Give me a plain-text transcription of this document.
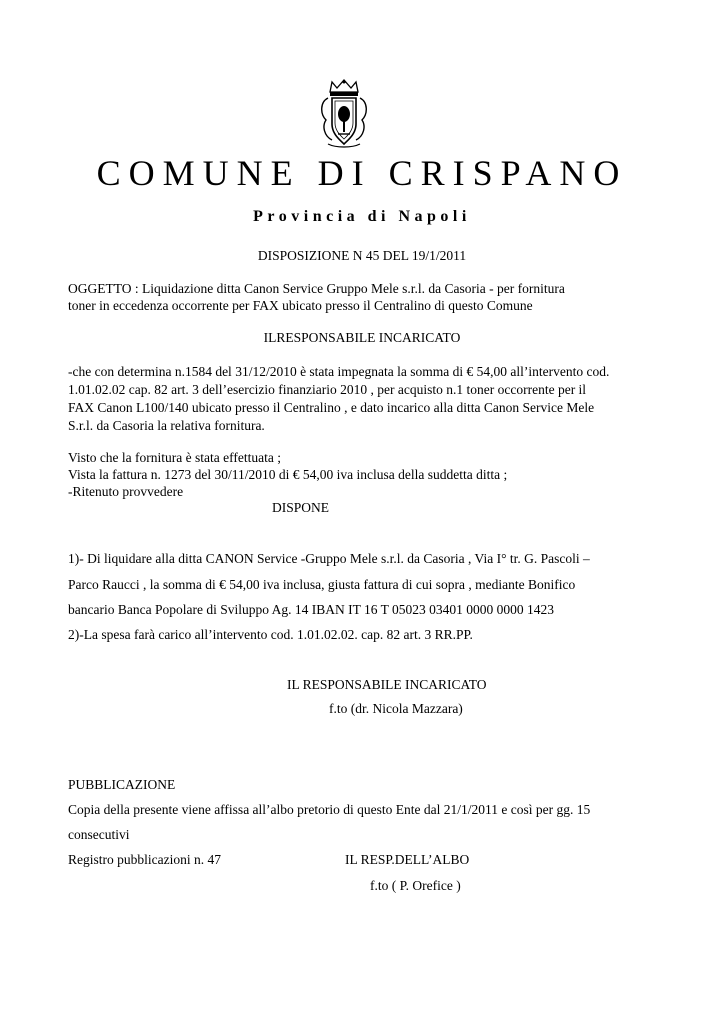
COMUNE DI CRISPANO
Provincia di Napoli
DISPOSIZIONE N 45 DEL 19/1/2011
OGGETTO : Liquidazione ditta Canon Service Gruppo Mele s.r.l. da Casoria - per fornitura
toner in eccedenza occorrente per FAX ubicato presso il Centralino di questo Comune
ILRESPONSABILE INCARICATO
-che con determina n.1584 del 31/12/2010 è stata impegnata la somma di € 54,00 all’intervento cod.
1.01.02.02 cap. 82 art. 3 dell’esercizio finanziario 2010 , per acquisto n.1 toner occorrente per il
FAX Canon L100/140 ubicato presso il Centralino , e dato incarico alla ditta Canon Service Mele
S.r.l. da Casoria la relativa fornitura.
Visto che la fornitura è stata effettuata ;
Vista la fattura n. 1273 del 30/11/2010 di € 54,00 iva inclusa della suddetta ditta ;
-Ritenuto provvedere
DISPONE
1)- Di liquidare alla ditta CANON Service -Gruppo Mele s.r.l. da Casoria , Via I° tr. G. Pascoli –
Parco Raucci , la somma di € 54,00 iva inclusa, giusta fattura di cui sopra , mediante Bonifico
bancario Banca Popolare di Sviluppo Ag. 14 IBAN IT 16 T 05023 03401 0000 0000 1423
2)-La spesa farà carico all’intervento cod. 1.01.02.02. cap. 82 art. 3 RR.PP.
IL RESPONSABILE INCARICATO
f.to (dr. Nicola Mazzara)
PUBBLICAZIONE
Copia della presente viene affissa all’albo pretorio di questo Ente dal 21/1/2011 e così per gg. 15
consecutivi
Registro pubblicazioni n. 47	IL RESP.DELL’ALBO
f.to ( P. Orefice )
